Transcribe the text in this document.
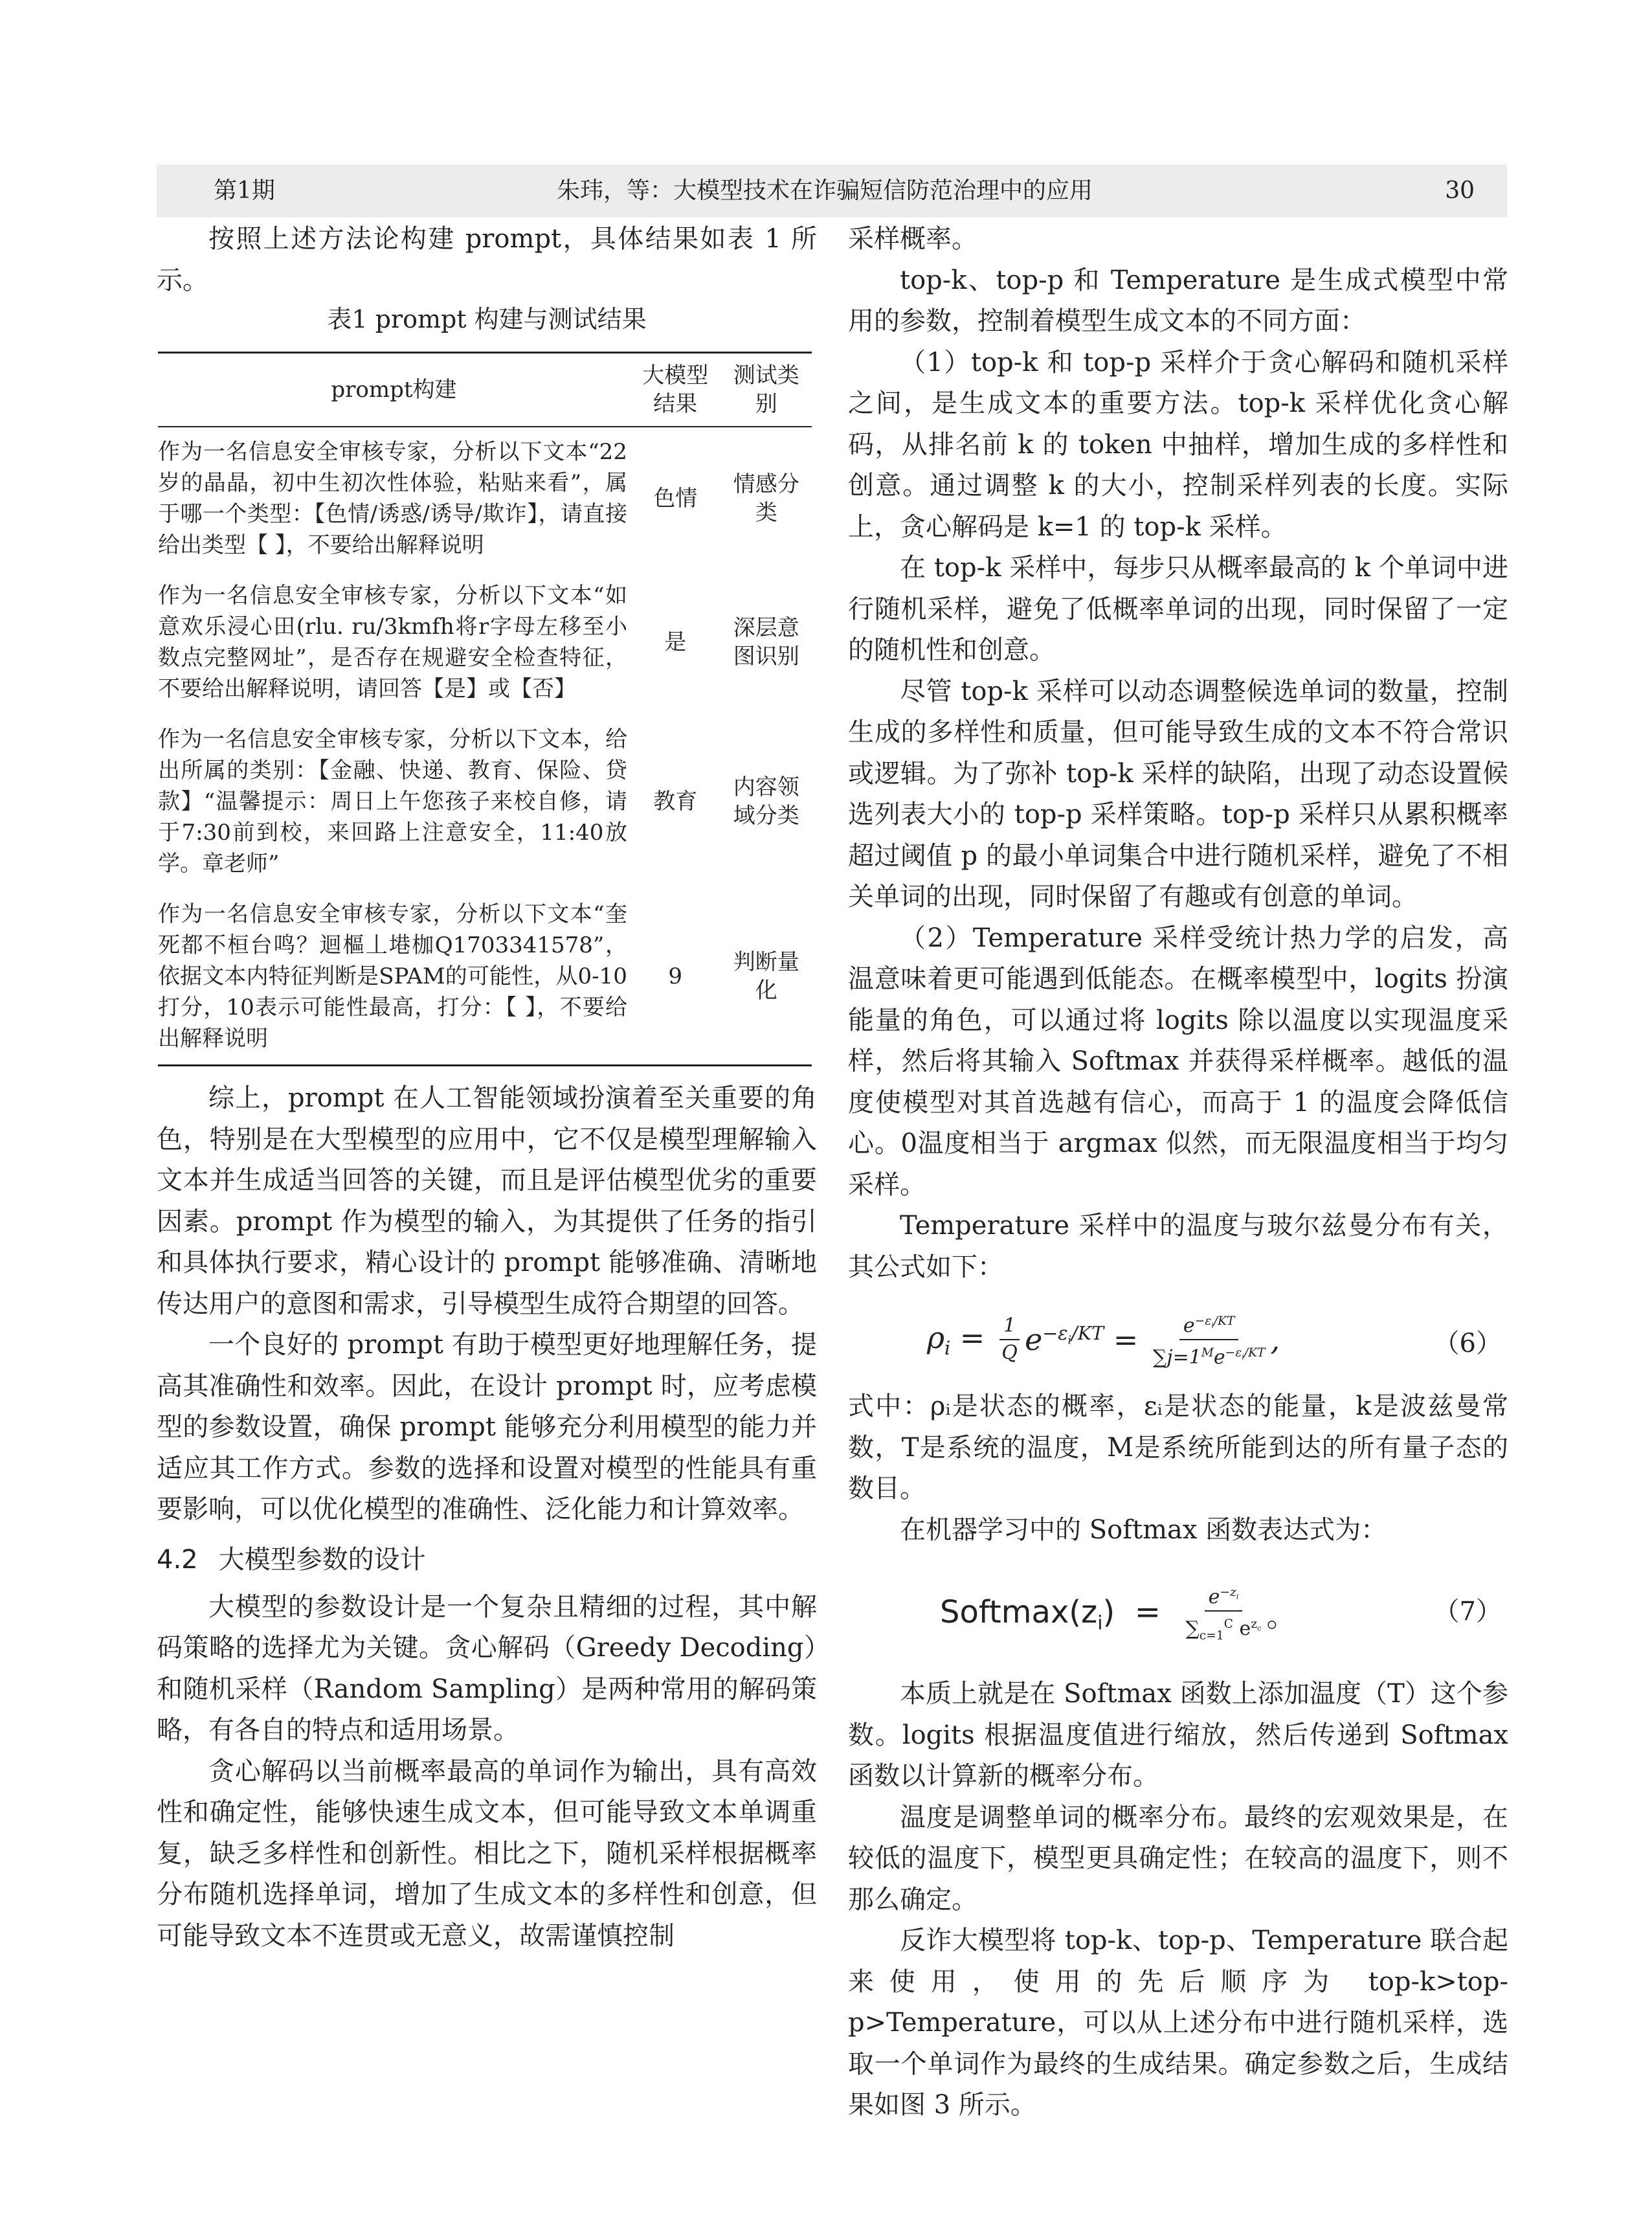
第1期	朱玮，等：大模型技术在诈骗短信防范治理中的应用	30

按照上述方法论构建 prompt，具体结果如表 1 所示。

表1 prompt 构建与测试结果

prompt构建	大模型结果	测试类别
作为一名信息安全审核专家，分析以下文本“22 岁的晶晶，初中生初次性体验，粘贴来看”，属于哪一个类型：【色情/诱惑/诱导/欺诈】，请直接给出类型【 】，不要给出解释说明	色情	情感分类
作为一名信息安全审核专家，分析以下文本“如意欢乐浸心田(rlu. ru/3kmfh将r字母左移至小数点完整网址”，是否存在规避安全检查特征，不要给出解释说明，请回答【是】或【否】	是	深层意图识别
作为一名信息安全审核专家，分析以下文本，给出所属的类别：【金融、快递、教育、保险、贷款】“温馨提示：周日上午您孩子来校自修，请于7:30前到校，来回路上注意安全，11:40放学。章老师”	教育	内容领域分类
作为一名信息安全审核专家，分析以下文本“奎死都不桓台鸣？迴樞丄塂枷Q1703341578”，依据文本内特征判断是SPAM的可能性，从0-10打分，10表示可能性最高，打分：【 】，不要给出解释说明	9	判断量化

综上，prompt 在人工智能领域扮演着至关重要的角色，特别是在大型模型的应用中，它不仅是模型理解输入文本并生成适当回答的关键，而且是评估模型优劣的重要因素。prompt 作为模型的输入，为其提供了任务的指引和具体执行要求，精心设计的 prompt 能够准确、清晰地传达用户的意图和需求，引导模型生成符合期望的回答。

一个良好的 prompt 有助于模型更好地理解任务，提高其准确性和效率。因此，在设计 prompt 时，应考虑模型的参数设置，确保 prompt 能够充分利用模型的能力并适应其工作方式。参数的选择和设置对模型的性能具有重要影响，可以优化模型的准确性、泛化能力和计算效率。

4.2 大模型参数的设计

大模型的参数设计是一个复杂且精细的过程，其中解码策略的选择尤为关键。贪心解码（Greedy Decoding）和随机采样（Random Sampling）是两种常用的解码策略，有各自的特点和适用场景。

贪心解码以当前概率最高的单词作为输出，具有高效性和确定性，能够快速生成文本，但可能导致文本单调重复，缺乏多样性和创新性。相比之下，随机采样根据概率分布随机选择单词，增加了生成文本的多样性和创意，但可能导致文本不连贯或无意义，故需谨慎控制

采样概率。

top-k、top-p 和 Temperature 是生成式模型中常用的参数，控制着模型生成文本的不同方面：

（1）top-k 和 top-p 采样介于贪心解码和随机采样之间，是生成文本的重要方法。top-k 采样优化贪心解码，从排名前 k 的 token 中抽样，增加生成的多样性和创意。通过调整 k 的大小，控制采样列表的长度。实际上，贪心解码是 k=1 的 top-k 采样。

在 top-k 采样中，每步只从概率最高的 k 个单词中进行随机采样，避免了低概率单词的出现，同时保留了一定的随机性和创意。

尽管 top-k 采样可以动态调整候选单词的数量，控制生成的多样性和质量，但可能导致生成的文本不符合常识或逻辑。为了弥补 top-k 采样的缺陷，出现了动态设置候选列表大小的 top-p 采样策略。top-p 采样只从累积概率超过阈值 p 的最小单词集合中进行随机采样，避免了不相关单词的出现，同时保留了有趣或有创意的单词。

（2）Temperature 采样受统计热力学的启发，高温意味着更可能遇到低能态。在概率模型中，logits 扮演能量的角色，可以通过将 logits 除以温度以实现温度采样，然后将其输入 Softmax 并获得采样概率。越低的温度使模型对其首选越有信心，而高于 1 的温度会降低信心。0温度相当于 argmax 似然，而无限温度相当于均匀采样。

Temperature 采样中的温度与玻尔兹曼分布有关，其公式如下：

$\rho_i = \frac{1}{Q} e^{-\varepsilon_i/KT} = \frac{e^{-\varepsilon_i/KT}}{\sum j=1^Me^{-\varepsilon_i/KT}}$ ,	（6）

式中：ρᵢ是状态的概率，εᵢ是状态的能量，k是波兹曼常数，T是系统的温度，M是系统所能到达的所有量子态的数目。

在机器学习中的 Softmax 函数表达式为：

$Softmax(z_i) = \frac{e^{-z_i}}{\sum_{c=1}^C e^{z_c}}$ 。	（7）

本质上就是在 Softmax 函数上添加温度（T）这个参数。logits 根据温度值进行缩放，然后传递到 Softmax 函数以计算新的概率分布。

温度是调整单词的概率分布。最终的宏观效果是，在较低的温度下，模型更具确定性；在较高的温度下，则不那么确定。

反诈大模型将 top-k、top-p、Temperature 联合起来使用，使用的先后顺序为 top-k>top-p>Temperature，可以从上述分布中进行随机采样，选取一个单词作为最终的生成结果。确定参数之后，生成结果如图 3 所示。
